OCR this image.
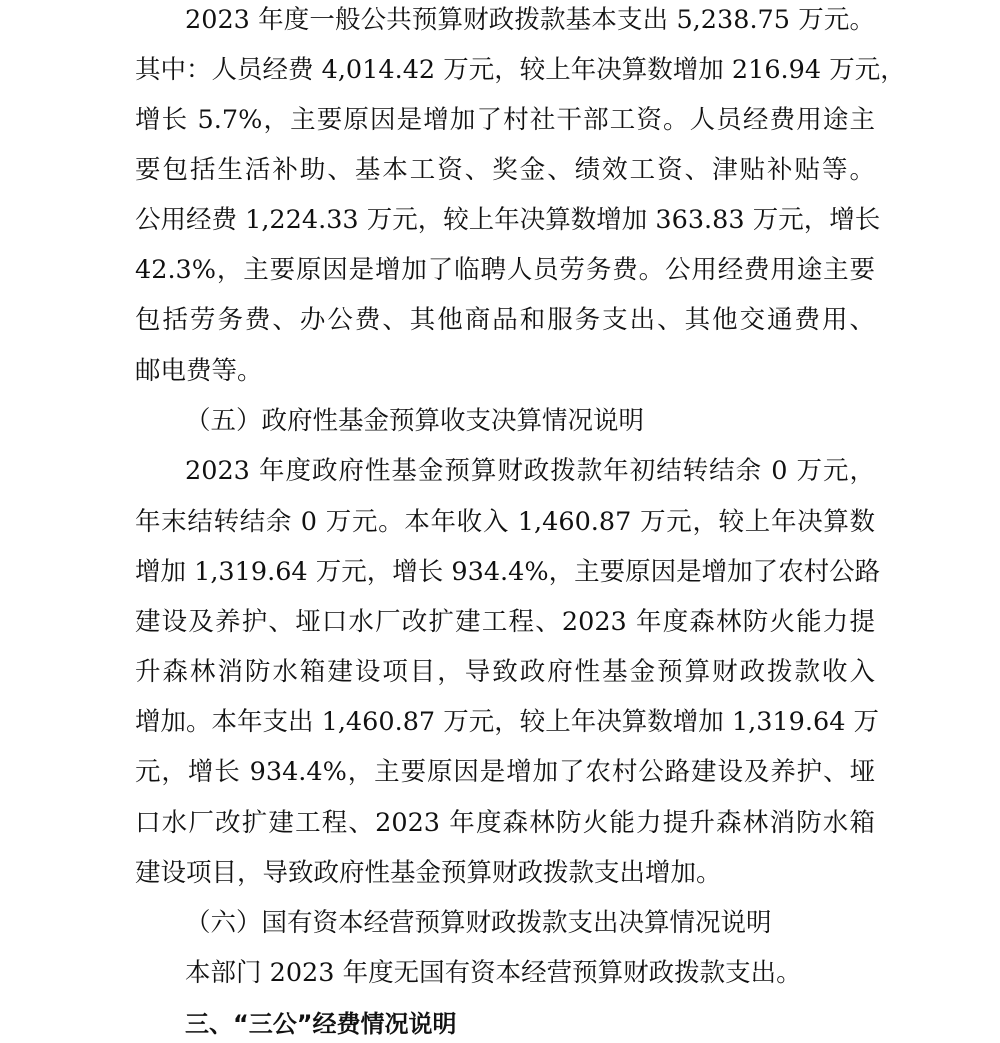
2023 年度一般公共预算财政拨款基本支出 5,238.75 万元。
其中：人员经费 4,014.42 万元，较上年决算数增加 216.94 万元，
增长 5.7%，主要原因是增加了村社干部工资。人员经费用途主
要包括生活补助、基本工资、奖金、绩效工资、津贴补贴等。
公用经费 1,224.33 万元，较上年决算数增加 363.83 万元，增长
42.3%，主要原因是增加了临聘人员劳务费。公用经费用途主要
包括劳务费、办公费、其他商品和服务支出、其他交通费用、
邮电费等。
（五）政府性基金预算收支决算情况说明
2023 年度政府性基金预算财政拨款年初结转结余 0 万元，
年末结转结余 0 万元。本年收入 1,460.87 万元，较上年决算数
增加 1,319.64 万元，增长 934.4%，主要原因是增加了农村公路
建设及养护、垭口水厂改扩建工程、2023 年度森林防火能力提
升森林消防水箱建设项目，导致政府性基金预算财政拨款收入
增加。本年支出 1,460.87 万元，较上年决算数增加 1,319.64 万
元，增长 934.4%，主要原因是增加了农村公路建设及养护、垭
口水厂改扩建工程、2023 年度森林防火能力提升森林消防水箱
建设项目，导致政府性基金预算财政拨款支出增加。
（六）国有资本经营预算财政拨款支出决算情况说明
本部门 2023 年度无国有资本经营预算财政拨款支出。
三、“三公”经费情况说明
